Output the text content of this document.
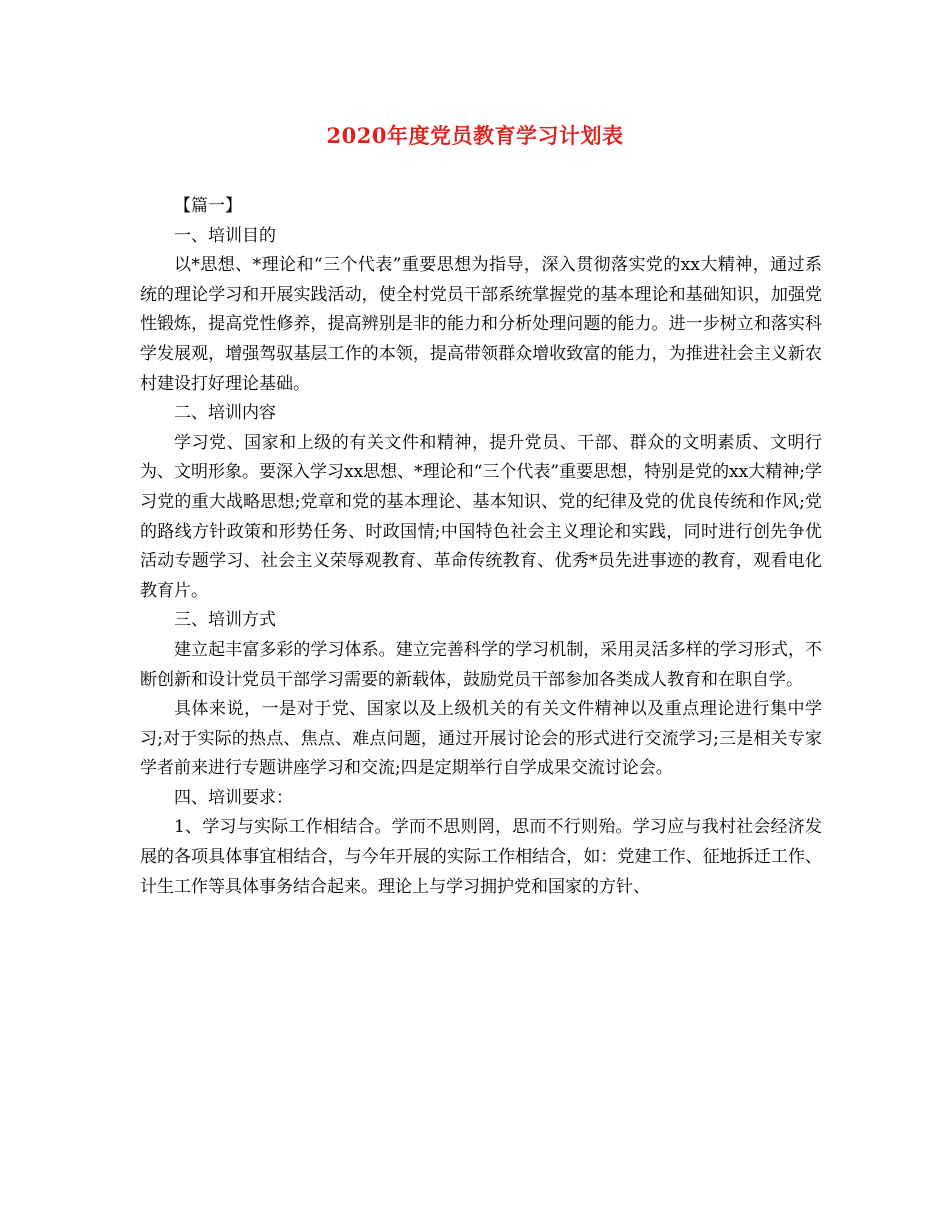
2020年度党员教育学习计划表

【篇一】

一、培训目的

以*思想、*理论和“三个代表”重要思想为指导，深入贯彻落实党的xx大精神，通过系统的理论学习和开展实践活动，使全村党员干部系统掌握党的基本理论和基础知识，加强党性锻炼，提高党性修养，提高辨别是非的能力和分析处理问题的能力。进一步树立和落实科学发展观，增强驾驭基层工作的本领，提高带领群众增收致富的能力，为推进社会主义新农村建设打好理论基础。

二、培训内容

学习党、国家和上级的有关文件和精神，提升党员、干部、群众的文明素质、文明行为、文明形象。要深入学习xx思想、*理论和“三个代表”重要思想，特别是党的xx大精神;学习党的重大战略思想;党章和党的基本理论、基本知识、党的纪律及党的优良传统和作风;党的路线方针政策和形势任务、时政国情;中国特色社会主义理论和实践，同时进行创先争优活动专题学习、社会主义荣辱观教育、革命传统教育、优秀*员先进事迹的教育，观看电化教育片。

三、培训方式

建立起丰富多彩的学习体系。建立完善科学的学习机制，采用灵活多样的学习形式，不断创新和设计党员干部学习需要的新载体，鼓励党员干部参加各类成人教育和在职自学。

具体来说，一是对于党、国家以及上级机关的有关文件精神以及重点理论进行集中学习;对于实际的热点、焦点、难点问题，通过开展讨论会的形式进行交流学习;三是相关专家学者前来进行专题讲座学习和交流;四是定期举行自学成果交流讨论会。

四、培训要求：

1、学习与实际工作相结合。学而不思则罔，思而不行则殆。学习应与我村社会经济发展的各项具体事宜相结合，与今年开展的实际工作相结合，如：党建工作、征地拆迁工作、计生工作等具体事务结合起来。理论上与学习拥护党和国家的方针、
